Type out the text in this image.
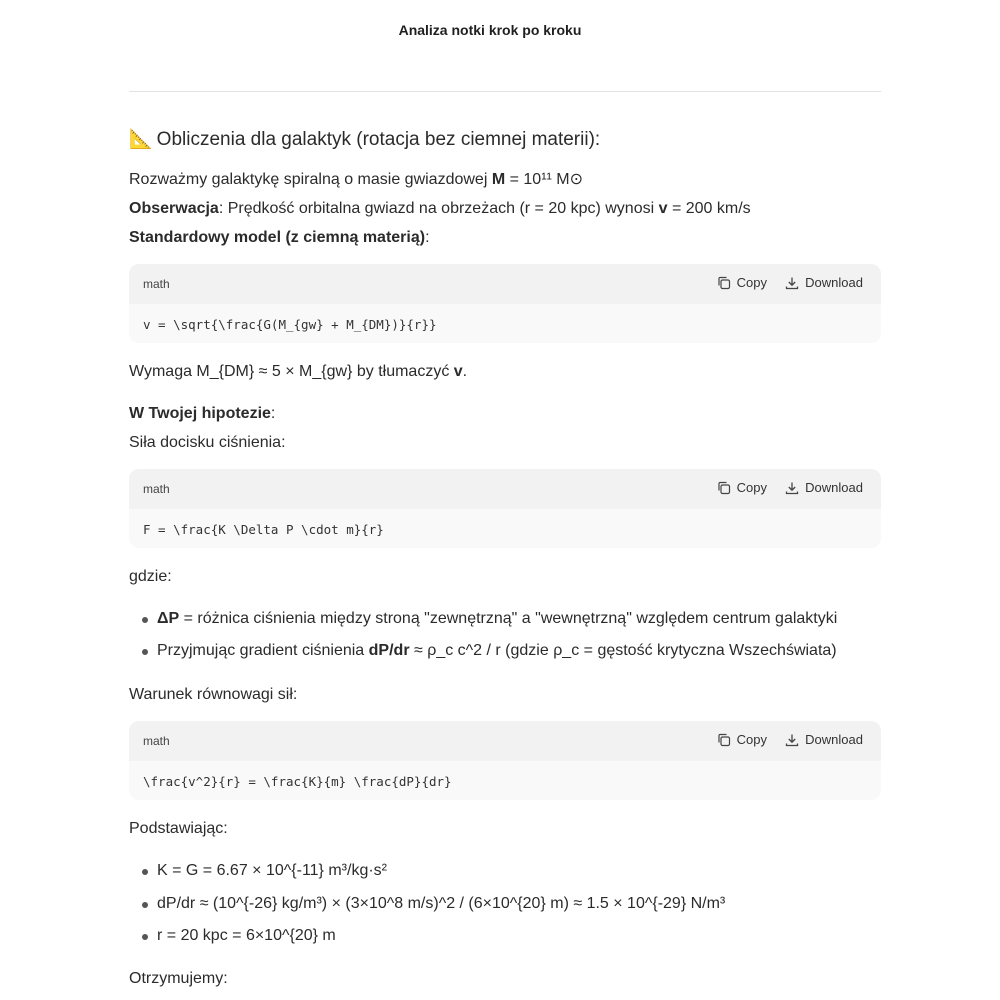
Analiza notki krok po kroku
📐 Obliczenia dla galaktyk (rotacja bez ciemnej materii):
Rozważmy galaktykę spiralną o masie gwiazdowej M = 10¹¹ M⊙
Obserwacja: Prędkość orbitalna gwiazd na obrzeżach (r = 20 kpc) wynosi v = 200 km/s
Standardowy model (z ciemną materią):
math	Copy	Download
v = \sqrt{\frac{G(M_{gw} + M_{DM})}{r}}
Wymaga M_{DM} ≈ 5 × M_{gw} by tłumaczyć v.
W Twojej hipotezie:
Siła docisku ciśnienia:
math	Copy	Download
F = \frac{K \Delta P \cdot m}{r}
gdzie:
ΔP = różnica ciśnienia między stroną "zewnętrzną" a "wewnętrzną" względem centrum galaktyki
Przyjmując gradient ciśnienia dP/dr ≈ ρ_c c^2 / r (gdzie ρ_c = gęstość krytyczna Wszechświata)
Warunek równowagi sił:
math	Copy	Download
\frac{v^2}{r} = \frac{K}{m} \frac{dP}{dr}
Podstawiając:
K = G = 6.67 × 10^{-11} m³/kg·s²
dP/dr ≈ (10^{-26} kg/m³) × (3×10^8 m/s)^2 / (6×10^{20} m) ≈ 1.5 × 10^{-29} N/m³
r = 20 kpc = 6×10^{20} m
Otrzymujemy:
